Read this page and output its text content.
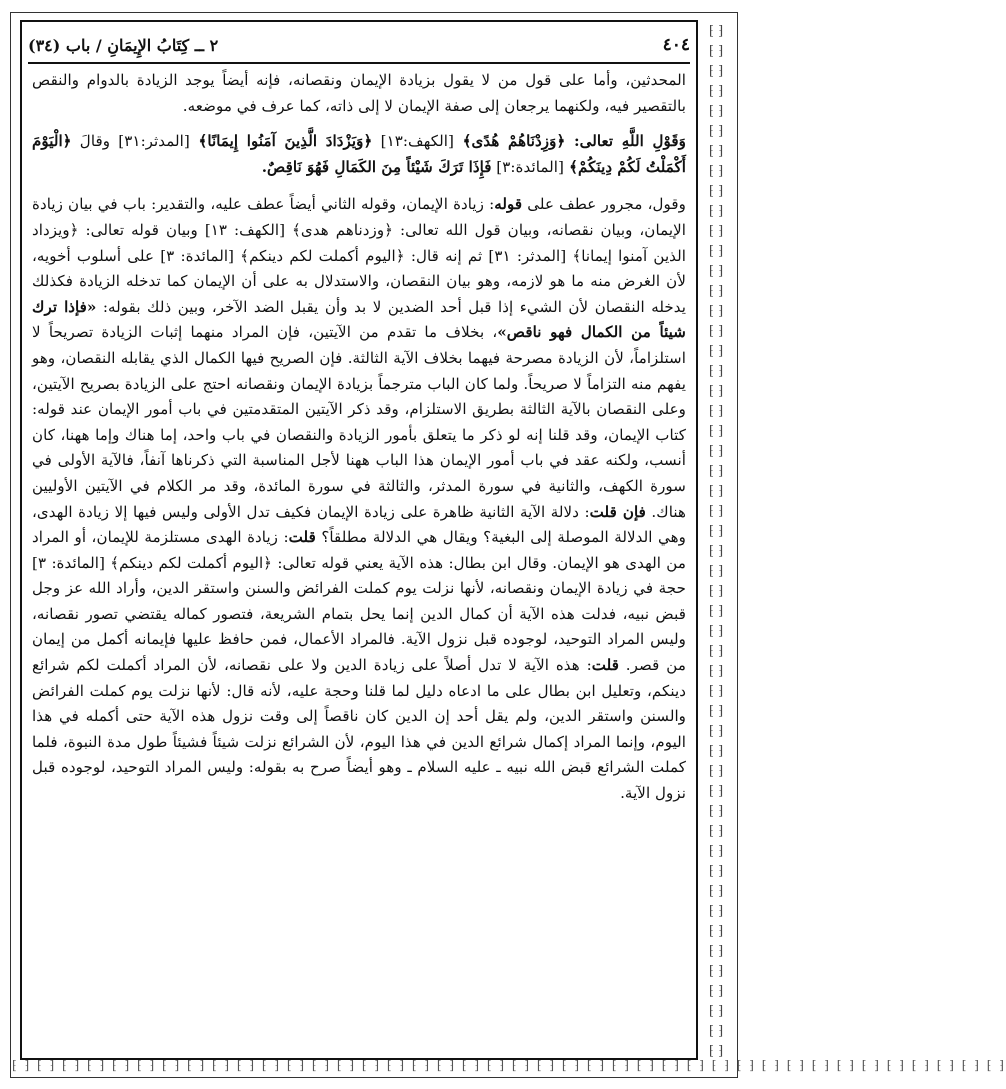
⁅ ⁆
⁅ ⁆
⁅ ⁆
⁅ ⁆
⁅ ⁆
⁅ ⁆
⁅ ⁆
⁅ ⁆
⁅ ⁆
⁅ ⁆
⁅ ⁆
⁅ ⁆
⁅ ⁆
⁅ ⁆
⁅ ⁆
⁅ ⁆
⁅ ⁆
⁅ ⁆
⁅ ⁆
⁅ ⁆
⁅ ⁆
⁅ ⁆
⁅ ⁆
⁅ ⁆
⁅ ⁆
⁅ ⁆
⁅ ⁆
⁅ ⁆
⁅ ⁆
⁅ ⁆
⁅ ⁆
⁅ ⁆
⁅ ⁆
⁅ ⁆
⁅ ⁆
⁅ ⁆
⁅ ⁆
⁅ ⁆
⁅ ⁆
⁅ ⁆
⁅ ⁆
⁅ ⁆
⁅ ⁆
⁅ ⁆
⁅ ⁆
⁅ ⁆
⁅ ⁆
⁅ ⁆
⁅ ⁆
⁅ ⁆
⁅ ⁆
⁅ ⁆
⁅ ⁆ ⁅ ⁆ ⁅ ⁆ ⁅ ⁆ ⁅ ⁆ ⁅ ⁆ ⁅ ⁆ ⁅ ⁆ ⁅ ⁆ ⁅ ⁆ ⁅ ⁆ ⁅ ⁆ ⁅ ⁆ ⁅ ⁆ ⁅ ⁆ ⁅ ⁆ ⁅ ⁆ ⁅ ⁆ ⁅ ⁆ ⁅ ⁆ ⁅ ⁆ ⁅ ⁆ ⁅ ⁆ ⁅ ⁆ ⁅ ⁆ ⁅ ⁆ ⁅ ⁆ ⁅ ⁆ ⁅ ⁆ ⁅ ⁆ ⁅ ⁆ ⁅ ⁆ ⁅ ⁆ ⁅ ⁆ ⁅ ⁆ ⁅ ⁆ ⁅ ⁆ ⁅ ⁆ ⁅ ⁆ ⁅ ⁆
٤٠٤
٢ ــ كِتَابُ الإِيمَانِ / باب (٣٤)

المحدثين، وأما على قول من لا يقول بزيادة الإيمان ونقصانه، فإنه أيضاً يوجد الزيادة بالدوام والنقص بالتقصير فيه، ولكنهما يرجعان إلى صفة الإيمان لا إلى ذاته، كما عرف في موضعه.

وَقَوْلِ اللَّهِ تعالى: ﴿وَزِدْنَاهُمْ هُدًى﴾ [الكهف:١٣] ﴿وَيَزْدَادَ الَّذِينَ آمَنُوا إِيمَانًا﴾ [المدثر:٣١] وقالَ ﴿الْيَوْمَ أَكْمَلْتُ لَكُمْ دِينَكُمْ﴾ [المائدة:٣] فَإِذَا تَرَكَ شَيْئاً مِنَ الكَمَالِ فَهُوَ نَاقِصٌ.

وقول، مجرور عطف على قوله: زيادة الإيمان، وقوله الثاني أيضاً عطف عليه، والتقدير: باب في بيان زيادة الإيمان، وبيان نقصانه، وبيان قول الله تعالى: ﴿وزدناهم هدى﴾ [الكهف: ١٣] وبيان قوله تعالى: ﴿ويزداد الذين آمنوا إيمانا﴾ [المدثر: ٣١] ثم إنه قال: ﴿اليوم أكملت لكم دينكم﴾ [المائدة: ٣] على أسلوب أخويه، لأن الغرض منه ما هو لازمه، وهو بيان النقصان، والاستدلال به على أن الإيمان كما تدخله الزيادة فكذلك يدخله النقصان لأن الشيء إذا قبل أحد الضدين لا بد وأن يقبل الضد الآخر، وبين ذلك بقوله: «فإذا ترك شيئاً من الكمال فهو ناقص»، بخلاف ما تقدم من الآيتين، فإن المراد منهما إثبات الزيادة تصريحاً لا استلزاماً، لأن الزيادة مصرحة فيهما بخلاف الآية الثالثة. فإن الصريح فيها الكمال الذي يقابله النقصان، وهو يفهم منه التزاماً لا صريحاً. ولما كان الباب مترجماً بزيادة الإيمان ونقصانه احتج على الزيادة بصريح الآيتين، وعلى النقصان بالآية الثالثة بطريق الاستلزام، وقد ذكر الآيتين المتقدمتين في باب أمور الإيمان عند قوله: كتاب الإيمان، وقد قلنا إنه لو ذكر ما يتعلق بأمور الزيادة والنقصان في باب واحد، إما هناك وإما ههنا، كان أنسب، ولكنه عقد في باب أمور الإيمان هذا الباب ههنا لأجل المناسبة التي ذكرناها آنفاً، فالآية الأولى في سورة الكهف، والثانية في سورة المدثر، والثالثة في سورة المائدة، وقد مر الكلام في الآيتين الأوليين هناك. فإن قلت: دلالة الآية الثانية ظاهرة على زيادة الإيمان فكيف تدل الأولى وليس فيها إلا زيادة الهدى، وهي الدلالة الموصلة إلى البغية؟ ويقال هي الدلالة مطلقاً؟ قلت: زيادة الهدى مستلزمة للإيمان، أو المراد من الهدى هو الإيمان. وقال ابن بطال: هذه الآية يعني قوله تعالى: ﴿اليوم أكملت لكم دينكم﴾ [المائدة: ٣] حجة في زيادة الإيمان ونقصانه، لأنها نزلت يوم كملت الفرائض والسنن واستقر الدين، وأراد الله عز وجل قبض نبيه، فدلت هذه الآية أن كمال الدين إنما يحل بتمام الشريعة، فتصور كماله يقتضي تصور نقصانه، وليس المراد التوحيد، لوجوده قبل نزول الآية. فالمراد الأعمال، فمن حافظ عليها فإيمانه أكمل من إيمان من قصر. قلت: هذه الآية لا تدل أصلاً على زيادة الدين ولا على نقصانه، لأن المراد أكملت لكم شرائع دينكم، وتعليل ابن بطال على ما ادعاه دليل لما قلنا وحجة عليه، لأنه قال: لأنها نزلت يوم كملت الفرائض والسنن واستقر الدين، ولم يقل أحد إن الدين كان ناقصاً إلى وقت نزول هذه الآية حتى أكمله في هذا اليوم، وإنما المراد إكمال شرائع الدين في هذا اليوم، لأن الشرائع نزلت شيئاً فشيئاً طول مدة النبوة، فلما كملت الشرائع قبض الله نبيه ـ عليه السلام ـ وهو أيضاً صرح به بقوله: وليس المراد التوحيد، لوجوده قبل نزول الآية.
